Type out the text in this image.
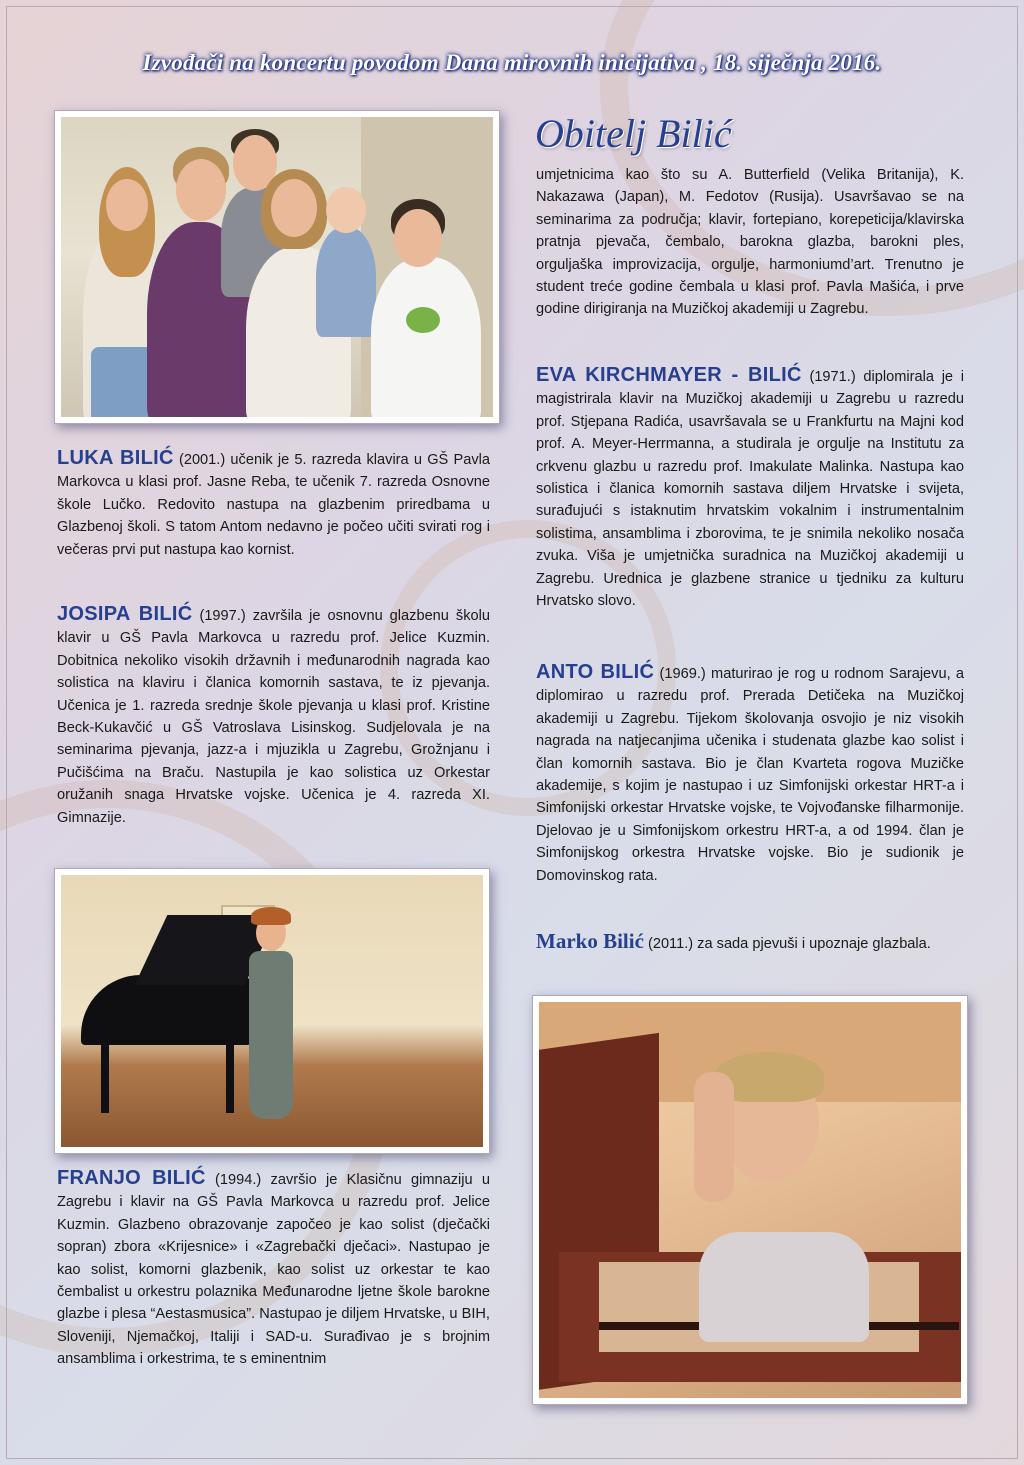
Izvođači na koncertu povodom Dana mirovnih inicijativa , 18. siječnja 2016.
Obitelj Bilić

LUKA BILIĆ (2001.) učenik je 5. razreda klavira u GŠ Pavla Markovca u klasi prof. Jasne Reba, te učenik 7. razreda Osnovne škole Lučko. Redovito nastupa na glazbenim priredbama u Glazbenoj školi. S tatom Antom nedavno je počeo učiti svirati rog i večeras prvi put nastupa kao kornist.

JOSIPA BILIĆ (1997.) završila je osnovnu glazbenu školu klavir u GŠ Pavla Markovca u razredu prof. Jelice Kuzmin. Dobitnica nekoliko visokih državnih i međunarodnih nagrada kao solistica na klaviru i članica komornih sastava, te iz pjevanja. Učenica je 1. razreda srednje škole pjevanja u klasi prof. Kristine Beck-Kukavčić u GŠ Vatroslava Lisinskog. Sudjelovala je na seminarima pjevanja, jazz-a i mjuzikla u Zagrebu, Grožnjanu i Pučišćima na Braču. Nastupila je kao solistica uz Orkestar oružanih snaga Hrvatske vojske. Učenica je 4. razreda XI. Gimnazije.

FRANJO BILIĆ (1994.) završio je Klasičnu gimnaziju u Zagrebu i klavir na GŠ Pavla Markovca u razredu prof. Jelice Kuzmin. Glazbeno obrazovanje započeo je kao solist (dječački sopran) zbora «Krijesnice» i «Zagrebački dječaci». Nastupao je kao solist, komorni glazbenik, kao solist uz orkestar te kao čembalist u orkestru polaznika Međunarodne ljetne škole barokne glazbe i plesa “Aestasmusica”. Nastupao je diljem Hrvatske, u BIH, Sloveniji, Njemačkoj, Italiji i SAD-u. Surađivao je s brojnim ansamblima i orkestrima, te s eminentnim

umjetnicima kao što su A. Butterfield (Velika Britanija), K. Nakazawa (Japan), M. Fedotov (Rusija). Usavršavao se na seminarima za područja; klavir, fortepiano, korepeticija/klavirska pratnja pjevača, čembalo, barokna glazba, barokni ples, orguljaška improvizacija, orgulje, harmoniumd’art. Trenutno je student treće godine čembala u klasi prof. Pavla Mašića, i prve godine dirigiranja na Muzičkoj akademiji u Zagrebu.

EVA KIRCHMAYER - BILIĆ (1971.) diplomirala je i magistrirala klavir na Muzičkoj akademiji u Zagrebu u razredu prof. Stjepana Radića, usavršavala se u Frankfurtu na Majni kod prof. A. Meyer-Herrmanna, a studirala je orgulje na Institutu za crkvenu glazbu u razredu prof. Imakulate Malinka. Nastupa kao solistica i članica komornih sastava diljem Hrvatske i svijeta, surađujući s istaknutim hrvatskim vokalnim i instrumentalnim solistima, ansamblima i zborovima, te je snimila nekoliko nosača zvuka. Viša je umjetnička suradnica na Muzičkoj akademiji u Zagrebu. Urednica je glazbene stranice u tjedniku za kulturu Hrvatsko slovo.

ANTO BILIĆ (1969.) maturirao je rog u rodnom Sarajevu, a diplomirao u razredu prof. Prerada Detičeka na Muzičkoj akademiji u Zagrebu. Tijekom školovanja osvojio je niz visokih nagrada na natjecanjima učenika i studenata glazbe kao solist i član komornih sastava. Bio je član Kvarteta rogova Muzičke akademije, s kojim je nastupao i uz Simfonijski orkestar HRT-a i Simfonijski orkestar Hrvatske vojske, te Vojvođanske filharmonije. Djelovao je u Simfonijskom orkestru HRT-a, a od 1994. član je Simfonijskog orkestra Hrvatske vojske. Bio je sudionik je Domovinskog rata.

Marko Bilić (2011.) za sada pjevuši i upoznaje glazbala.
